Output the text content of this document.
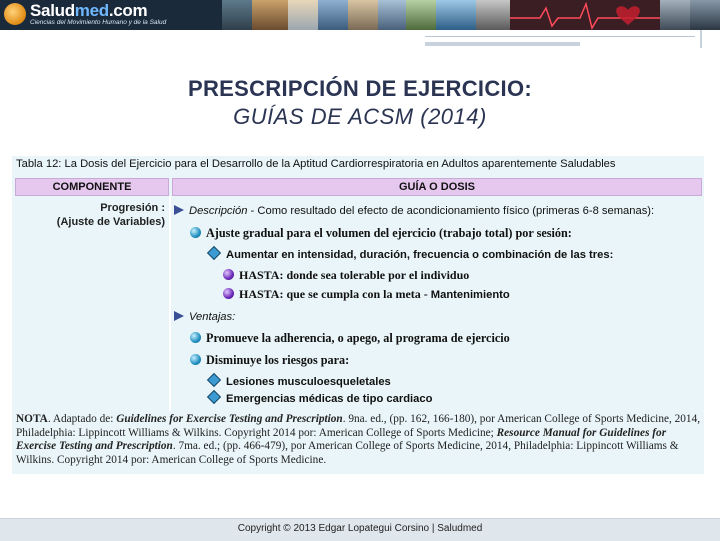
Saludmed.com
Ciencias del Movimiento Humano y de la Salud
PRESCRIPCIÓN DE EJERCICIO:
GUÍAS DE ACSM (2014)
Tabla 12: La Dosis del Ejercicio para el Desarrollo de la Aptitud Cardiorrespiratoria en Adultos aparentemente Saludables
COMPONENTE	GUÍA O DOSIS
Progresión :
(Ajuste de Variables)
Descripción - Como resultado del efecto de acondicionamiento físico (primeras 6-8 semanas):
Ajuste gradual para el volumen del ejercicio (trabajo total) por sesión:
Aumentar en intensidad, duración, frecuencia o combinación de las tres:
HASTA: donde sea tolerable por el individuo
HASTA: que se cumpla con la meta - Mantenimiento
Ventajas:
Promueve la adherencia, o apego, al programa de ejercicio
Disminuye los riesgos para:
Lesiones musculoesqueletales
Emergencias médicas de tipo cardiaco
NOTA. Adaptado de: Guidelines for Exercise Testing and Prescription. 9na. ed., (pp. 162, 166-180), por American College of Sports Medicine, 2014, Philadelphia: Lippincott Williams & Wilkins. Copyright 2014 por: American College of Sports Medicine; Resource Manual for Guidelines for Exercise Testing and Prescription. 7ma. ed.; (pp. 466-479), por American College of Sports Medicine, 2014, Philadelphia: Lippincott Williams & Wilkins. Copyright 2014 por: American College of Sports Medicine.
Copyright © 2013 Edgar Lopategui Corsino | Saludmed
